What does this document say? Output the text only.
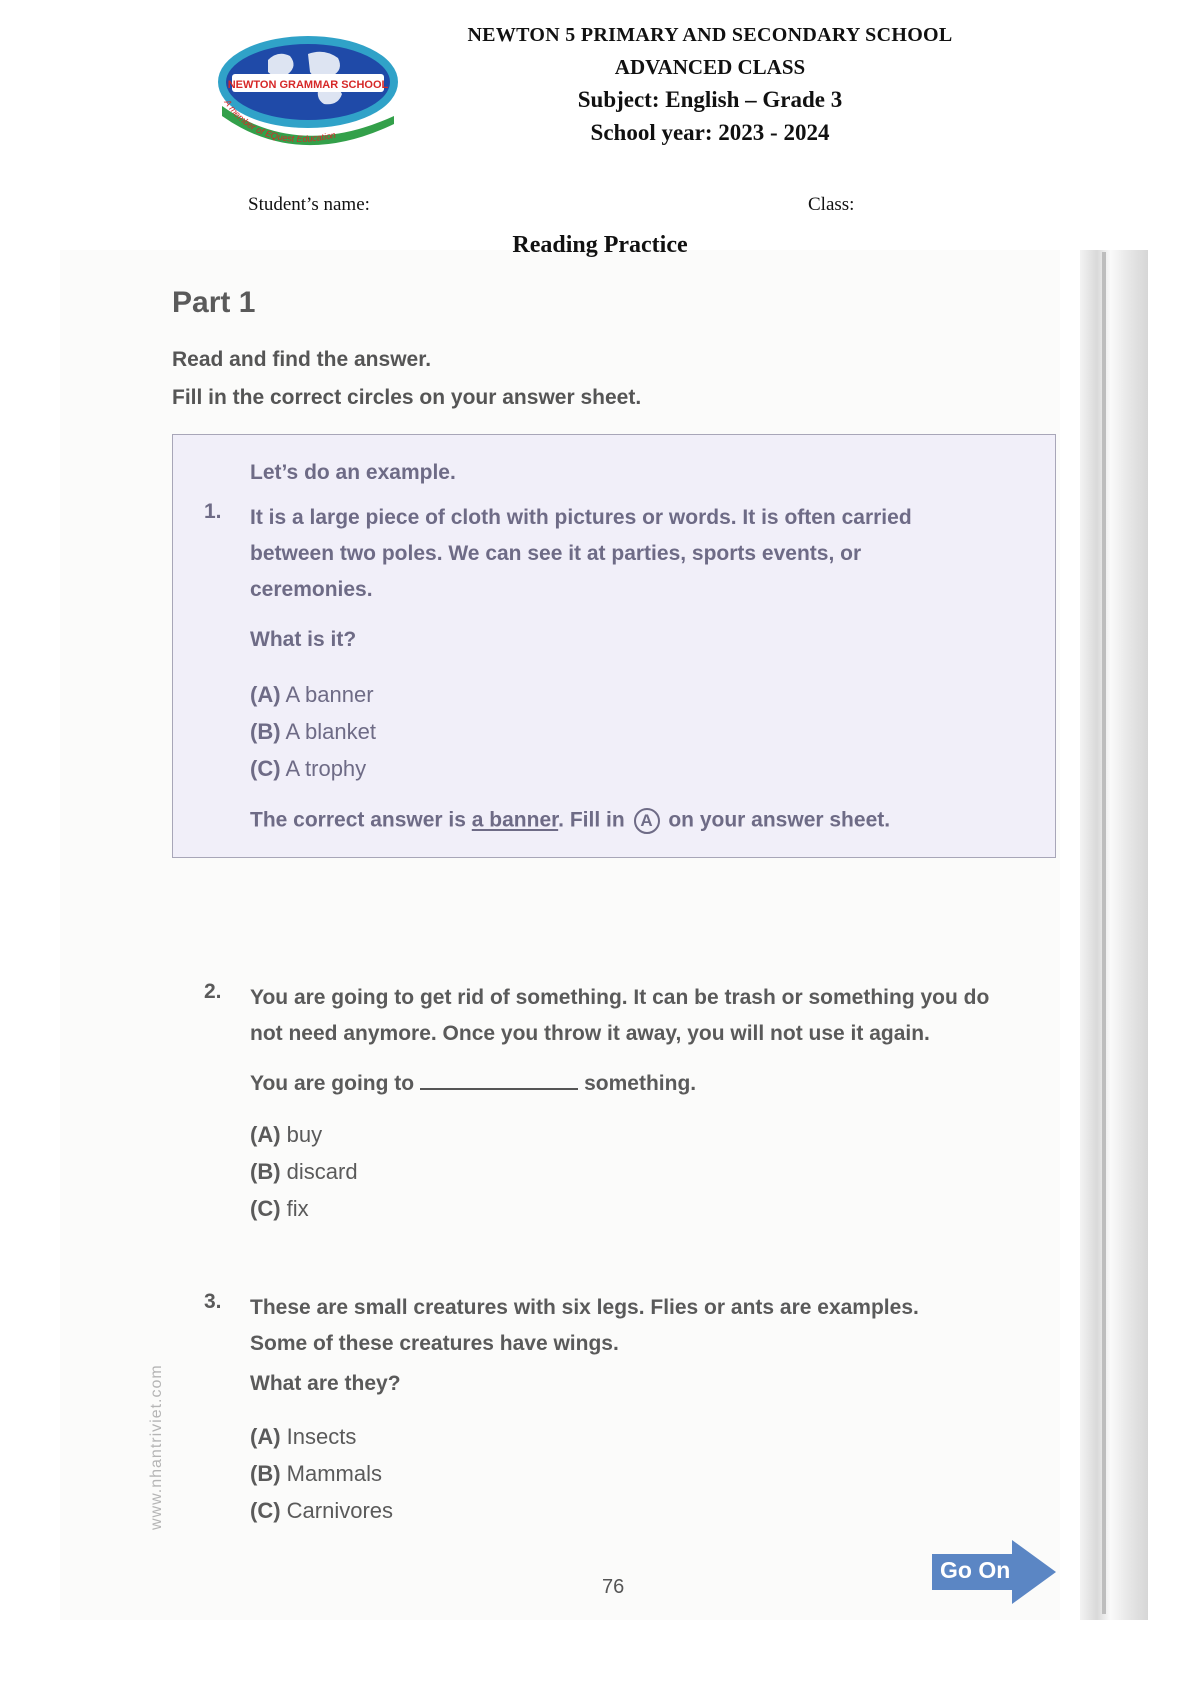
NEWTON GRAMMAR SCHOOL
A member of EQuest Education
NEWTON 5 PRIMARY AND SECONDARY SCHOOL
ADVANCED CLASS
Subject: English – Grade 3
School year: 2023 - 2024
Student’s name:	Class:
Reading Practice
Part 1
Read and find the answer.
Fill in the correct circles on your answer sheet.
Let’s do an example.
1. It is a large piece of cloth with pictures or words. It is often carried
between two poles. We can see it at parties, sports events, or
ceremonies.
What is it?
(A) A banner
(B) A blanket
(C) A trophy
The correct answer is a banner. Fill in A on your answer sheet.
2. You are going to get rid of something. It can be trash or something you do
not need anymore. Once you throw it away, you will not use it again.
You are going to	something.
(A) buy
(B) discard
(C) fix
3. These are small creatures with six legs. Flies or ants are examples.
Some of these creatures have wings.
What are they?
(A) Insects
(B) Mammals
(C) Carnivores
www.nhantriviet.com
76
Go On
